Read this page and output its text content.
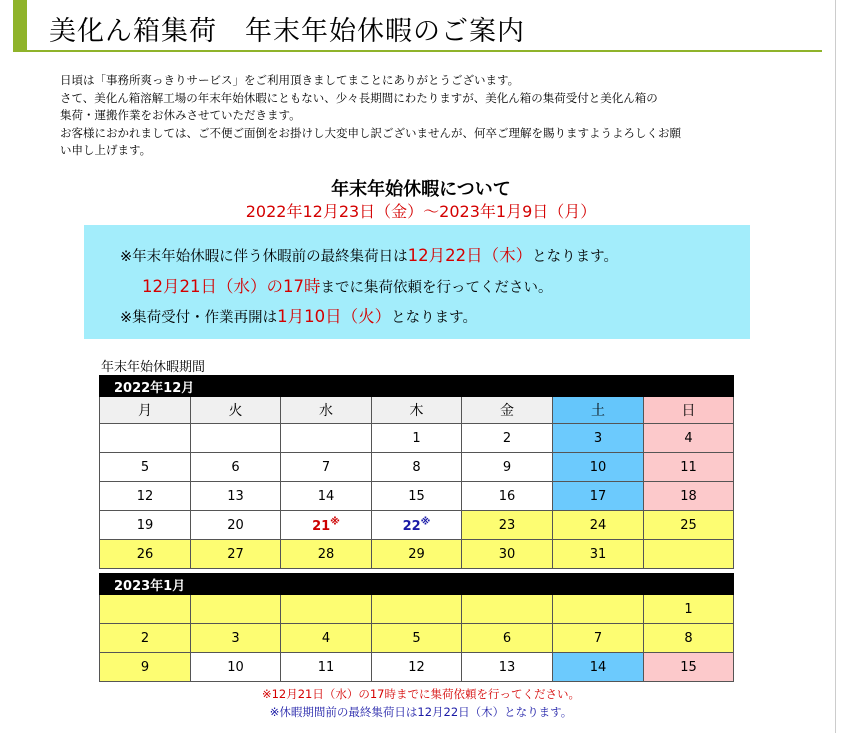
美化ん箱集荷　年末年始休暇のご案内

日頃は「事務所爽っきりサービス」をご利用頂きましてまことにありがとうございます。

さて、美化ん箱溶解工場の年末年始休暇にともない、少々長期間にわたりますが、美化ん箱の集荷受付と美化ん箱の

集荷・運搬作業をお休みさせていただきます。

お客様におかれましては、ご不便ご面倒をお掛けし大変申し訳ございませんが、何卒ご理解を賜りますようよろしくお願

い申し上げます。

年末年始休暇について
2022年12月23日（金）～2023年1月9日（月）
※年末年始休暇に伴う休暇前の最終集荷日は12月22日（木）となります。
12月21日（水）の17時までに集荷依頼を行ってください。
※集荷受付・作業再開は1月10日（火）となります。
年末年始休暇期間
2022年12月						
月	火	水	木	金	土	日
			1	2	3	4
5	6	7	8	9	10	11
12	13	14	15	16	17	18
19	20	21※	22※	23	24	25
26	27	28	29	30	31	
2023年1月						
						1
2	3	4	5	6	7	8
9	10	11	12	13	14	15
※12月21日（水）の17時までに集荷依頼を行ってください。
※休暇期間前の最終集荷日は12月22日（木）となります。
